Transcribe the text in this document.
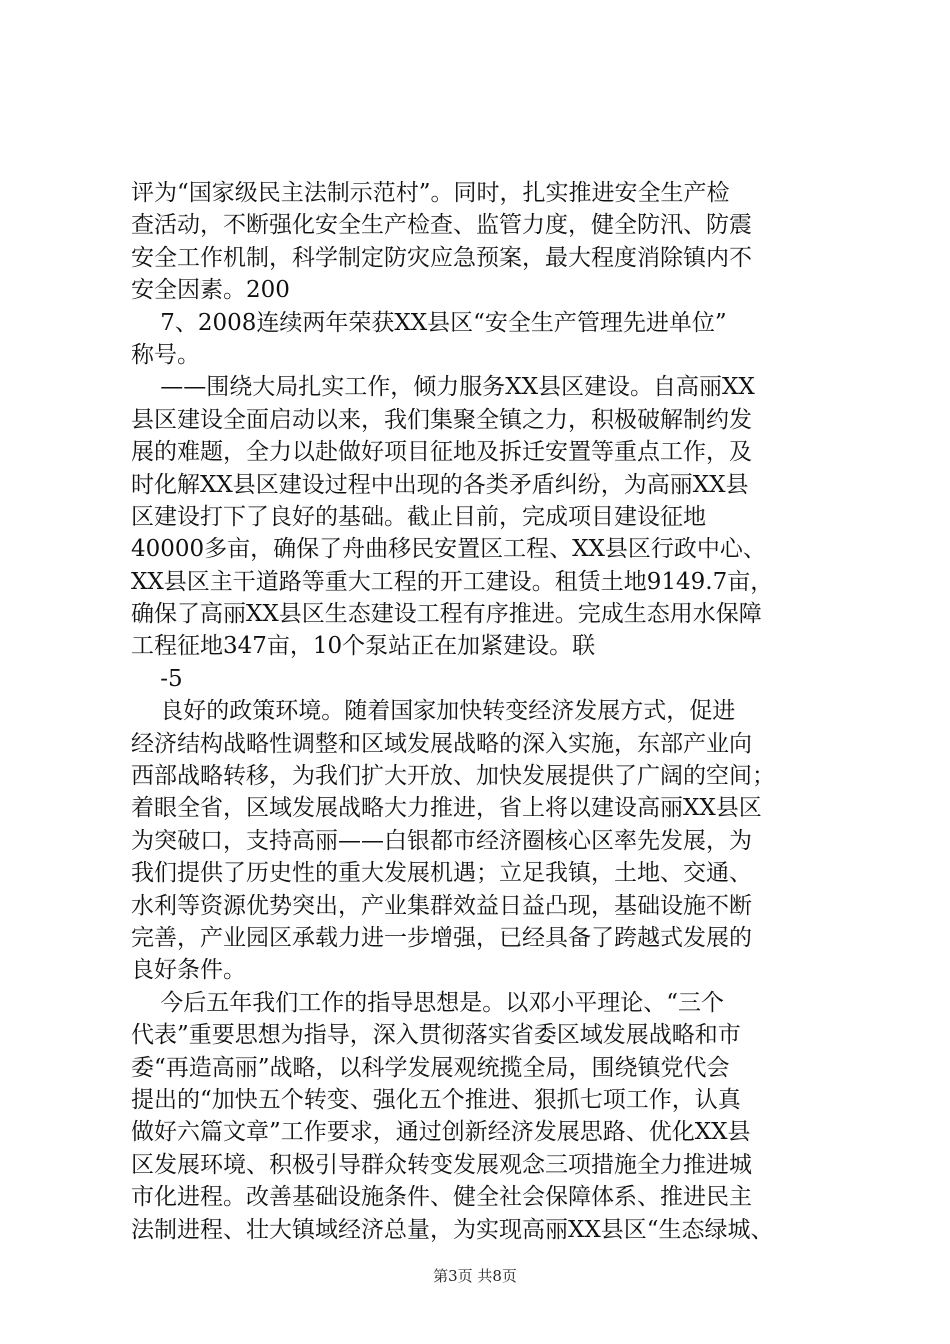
评为“国家级民主法制示范村”。同时，扎实推进安全生产检
查活动，不断强化安全生产检查、监管力度，健全防汛、防震
安全工作机制，科学制定防灾应急预案，最大程度消除镇内不
安全因素。200
7、2008连续两年荣获XX县区“安全生产管理先进单位”
称号。
——围绕大局扎实工作，倾力服务XX县区建设。自高丽XX
县区建设全面启动以来，我们集聚全镇之力，积极破解制约发
展的难题，全力以赴做好项目征地及拆迁安置等重点工作，及
时化解XX县区建设过程中出现的各类矛盾纠纷，为高丽XX县
区建设打下了良好的基础。截止目前，完成项目建设征地
40000多亩，确保了舟曲移民安置区工程、XX县区行政中心、
XX县区主干道路等重大工程的开工建设。租赁土地9149.7亩，
确保了高丽XX县区生态建设工程有序推进。完成生态用水保障
工程征地347亩，10个泵站正在加紧建设。联
-5
良好的政策环境。随着国家加快转变经济发展方式，促进
经济结构战略性调整和区域发展战略的深入实施，东部产业向
西部战略转移，为我们扩大开放、加快发展提供了广阔的空间；
着眼全省，区域发展战略大力推进，省上将以建设高丽XX县区
为突破口，支持高丽——白银都市经济圈核心区率先发展，为
我们提供了历史性的重大发展机遇；立足我镇，土地、交通、
水利等资源优势突出，产业集群效益日益凸现，基础设施不断
完善，产业园区承载力进一步增强，已经具备了跨越式发展的
良好条件。
今后五年我们工作的指导思想是。以邓小平理论、“三个
代表”重要思想为指导，深入贯彻落实省委区域发展战略和市
委“再造高丽”战略，以科学发展观统揽全局，围绕镇党代会
提出的“加快五个转变、强化五个推进、狠抓七项工作，认真
做好六篇文章”工作要求，通过创新经济发展思路、优化XX县
区发展环境、积极引导群众转变发展观念三项措施全力推进城
市化进程。改善基础设施条件、健全社会保障体系、推进民主
法制进程、壮大镇域经济总量，为实现高丽XX县区“生态绿城、
第3页 共8页
